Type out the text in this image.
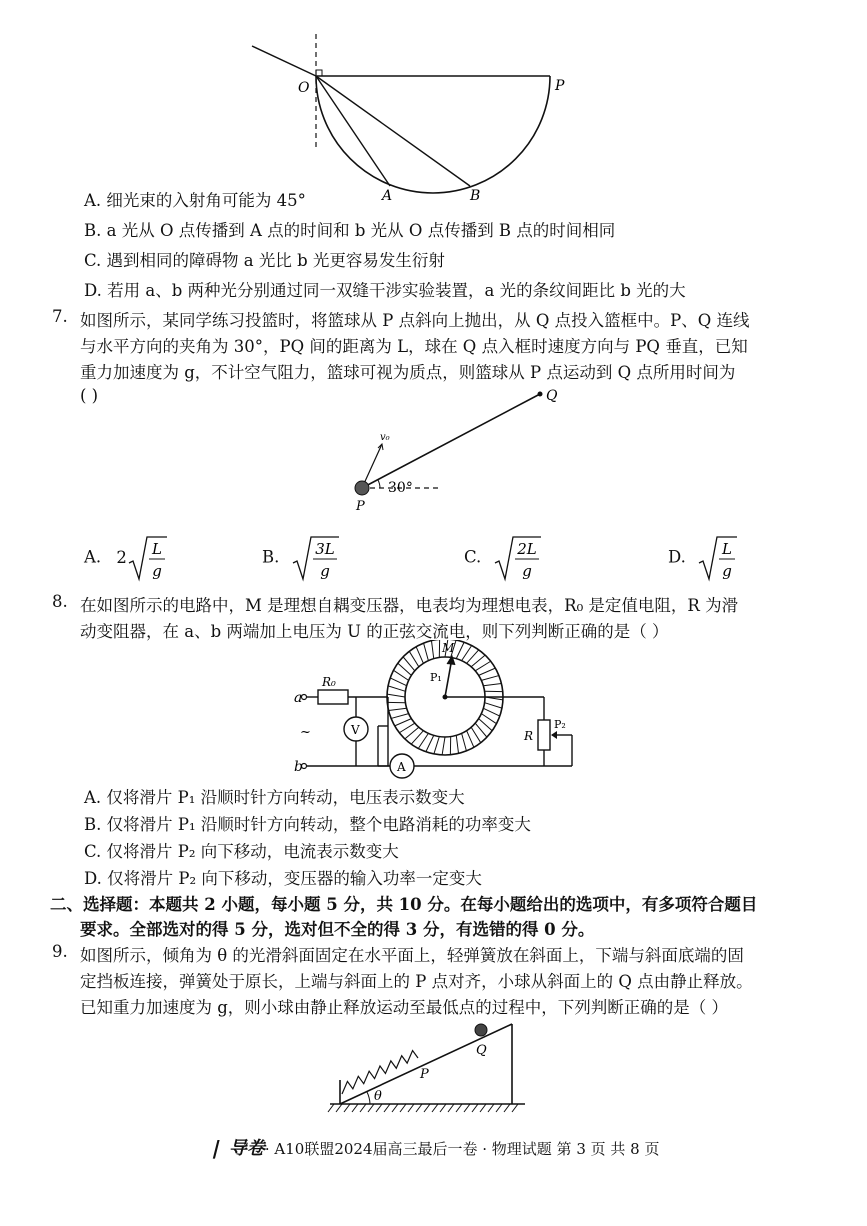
O	P
A	B
A. 细光束的入射角可能为 45°
B. a 光从 O 点传播到 A 点的时间和 b 光从 O 点传播到 B 点的时间相同
C. 遇到相同的障碍物 a 光比 b 光更容易发生衍射
D. 若用 a、b 两种光分别通过同一双缝干涉实验装置，a 光的条纹间距比 b 光的大
7. 如图所示，某同学练习投篮时，将篮球从 P 点斜向上抛出，从 Q 点投入篮框中。P、Q 连线
与水平方向的夹角为 30°，PQ 间的距离为 L，球在 Q 点入框时速度方向与 PQ 垂直，已知
重力加速度为 g，不计空气阻力，篮球可视为质点，则篮球从 P 点运动到 Q 点所用时间为
( )	Q
P
v₀
30°
A. 2 L
g
B. 3L
g
C. 2L
g
D. L
g
8. 在如图所示的电路中，M 是理想自耦变压器，电表均为理想电表，R₀ 是定值电阻，R 为滑
动变阻器，在 a、b 两端加上电压为 U 的正弦交流电，则下列判断正确的是（ ）
a
b
R₀
V
A
M
P₁
P₂
R
~
A. 仅将滑片 P₁ 沿顺时针方向转动，电压表示数变大
B. 仅将滑片 P₁ 沿顺时针方向转动，整个电路消耗的功率变大
C. 仅将滑片 P₂ 向下移动，电流表示数变大
D. 仅将滑片 P₂ 向下移动，变压器的输入功率一定变大
二、选择题：本题共 2 小题，每小题 5 分，共 10 分。在每小题给出的选项中，有多项符合题目
要求。全部选对的得 5 分，选对但不全的得 3 分，有选错的得 0 分。
9. 如图所示，倾角为 θ 的光滑斜面固定在水平面上，轻弹簧放在斜面上，下端与斜面底端的固
定挡板连接，弹簧处于原长，上端与斜面上的 P 点对齐，小球从斜面上的 Q 点由静止释放。
已知重力加速度为 g，则小球由静止释放运动至最低点的过程中，下列判断正确的是（ ）
Q
P
θ
❘ 导卷· A10联盟2024届高三最后一卷 · 物理试题 第 3 页 共 8 页
